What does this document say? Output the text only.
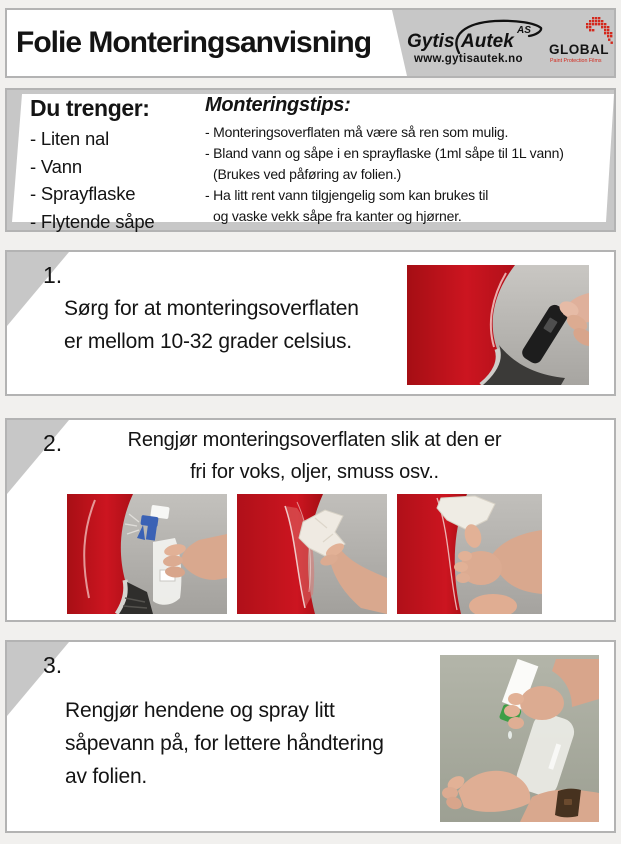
Folie Monteringsanvisning Gytis Autek
AS
www.gytisautek.no
GLOBAL
Paint Protection Films
Du trenger:
- Liten nal
- Vann
- Sprayflaske
- Flytende såpe
Monteringstips:
- Monteringsoverflaten må være så ren som mulig.
- Bland vann og såpe i en sprayflaske (1ml såpe til 1L vann)
(Brukes ved påføring av folien.)
- Ha litt rent vann tilgjengelig som kan brukes til
og vaske vekk såpe fra kanter og hjørner.
1.
Sørg for at monteringsoverflaten
er mellom 10-32 grader celsius.
2.	Rengjør monteringsoverflaten slik at den er
fri for voks, oljer, smuss osv..
3.
Rengjør hendene og spray litt
såpevann på, for lettere håndtering
av folien.
